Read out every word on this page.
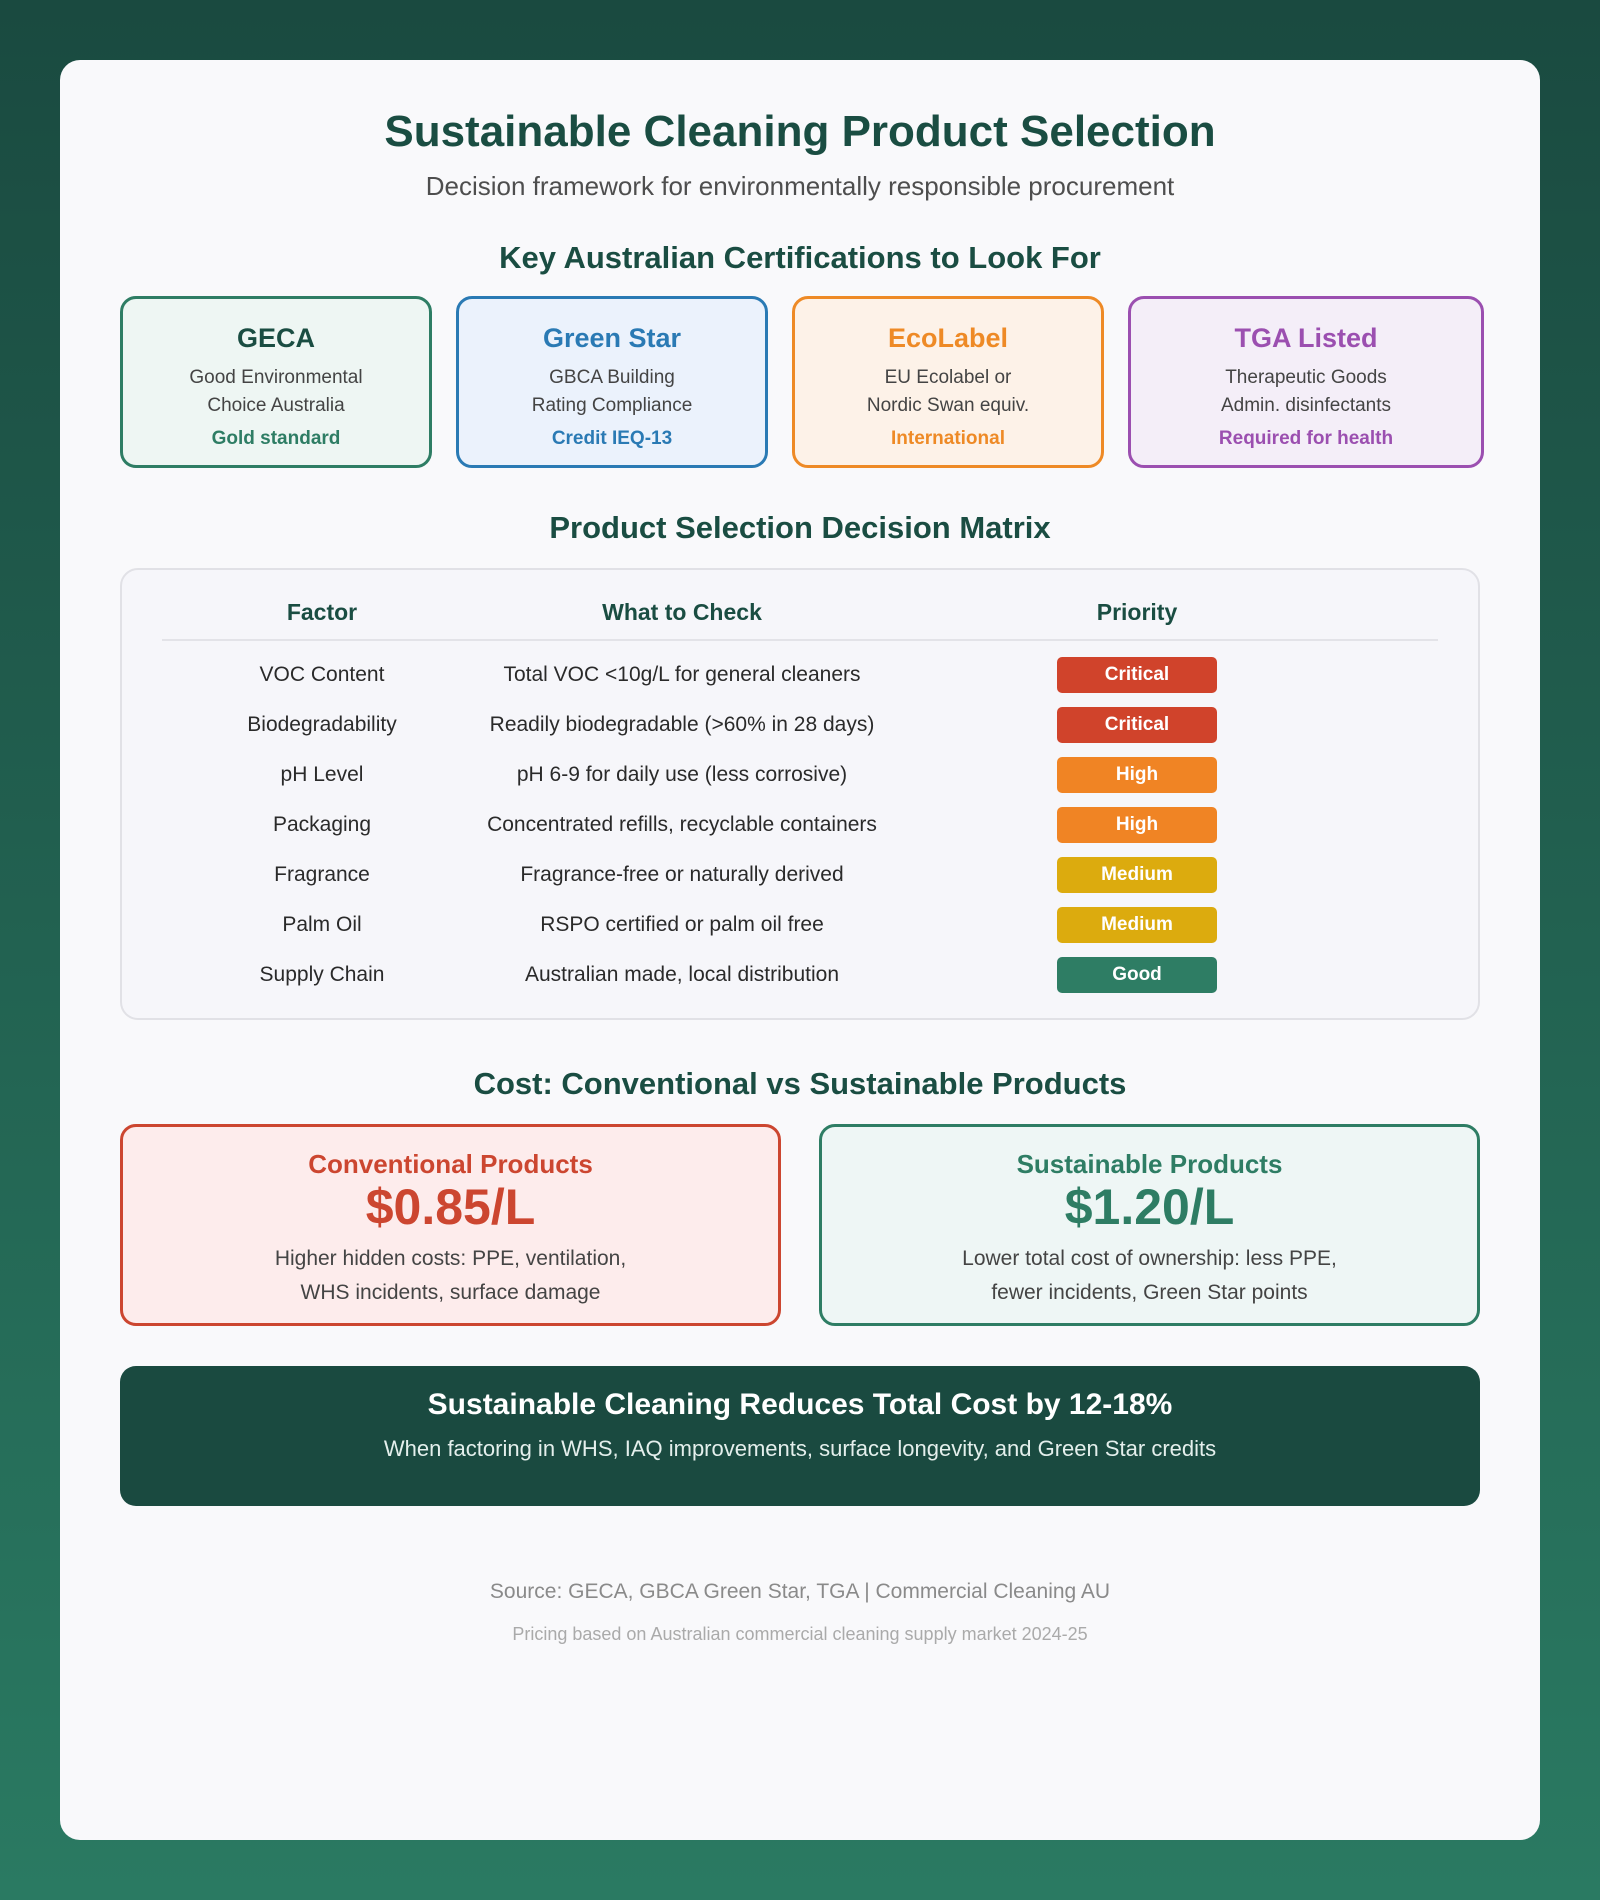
Sustainable Cleaning Product Selection
Decision framework for environmentally responsible procurement
Key Australian Certifications to Look For
GECA
Good Environmental
Choice Australia
Gold standard
Green Star
GBCA Building
Rating Compliance
Credit IEQ-13
EcoLabel
EU Ecolabel or
Nordic Swan equiv.
International
TGA Listed
Therapeutic Goods
Admin. disinfectants
Required for health
Product Selection Decision Matrix
Factor	What to Check	Priority	
VOC Content	Total VOC <10g/L for general cleaners	Critical	
Biodegradability	Readily biodegradable (>60% in 28 days)	Critical	
pH Level	pH 6-9 for daily use (less corrosive)	High	
Packaging	Concentrated refills, recyclable containers	High	
Fragrance	Fragrance-free or naturally derived	Medium	
Palm Oil	RSPO certified or palm oil free	Medium	
Supply Chain	Australian made, local distribution	Good	
Cost: Conventional vs Sustainable Products
Conventional Products
$0.85/L
Higher hidden costs: PPE, ventilation,
WHS incidents, surface damage
Sustainable Products
$1.20/L
Lower total cost of ownership: less PPE,
fewer incidents, Green Star points
Sustainable Cleaning Reduces Total Cost by 12-18%
When factoring in WHS, IAQ improvements, surface longevity, and Green Star credits
Source: GECA, GBCA Green Star, TGA | Commercial Cleaning AU
Pricing based on Australian commercial cleaning supply market 2024-25
